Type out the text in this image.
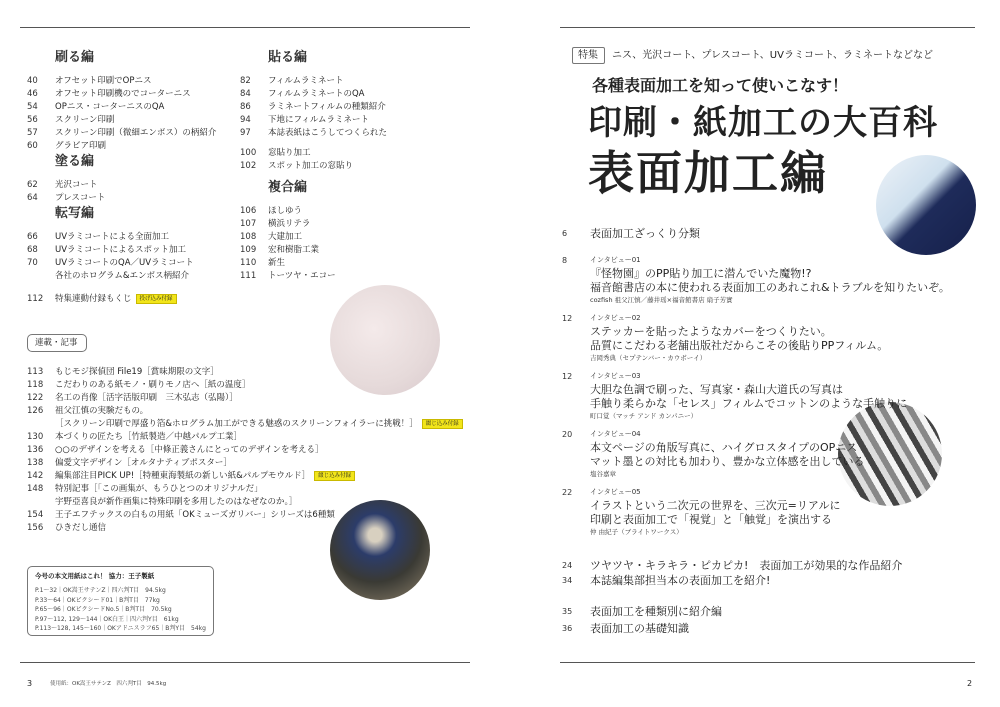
刷る編
40	オフセット印刷でOPニス
46	オフセット印刷機のでコーターニス
54	OPニス・コーターニスのQA
56	スクリーン印刷
57	スクリーン印刷（微細エンボス）の柄紹介
60	グラビア印刷
塗る編
62	光沢コート
64	プレスコート
転写編
66	UVラミコートによる全面加工
68	UVラミコートによるスポット加工
70	UVラミコートのQA／UVラミコート
各社のホログラム&エンボス柄紹介
貼る編
82	フィルムラミネート
84	フィルムラミネートのQA
86	ラミネートフィルムの種類紹介
94	下地にフィルムラミネート
97	本誌表紙はこうしてつくられた
100	窓貼り加工
102	スポット加工の窓貼り
複合編
106	ほしゆう
107	横浜リテラ
108	大建加工
109	宏和樹脂工業
110	新生
111	トーツヤ・エコー
112	特集連動付録もくじ 投げ込み付録
連載・記事
113	もじモジ探偵団 File19［賞味期限の文字］
118	こだわりのある紙モノ・刷りモノ店へ［紙の温度］
122	名工の肖像［活字活版印刷　三木弘志（弘陽）］
126	祖父江慎の実験だもの。
［スクリーン印刷で厚盛り箔&ホログラム加工ができる魅惑のスクリーンフォイラーに挑戦！］ 綴じ込み付録
130	本づくりの匠たち［竹紙製造／中越パルプ工業］
136	○○のデザインを考える［中條正義さんにとってのデザインを考える］
138	偏愛文字デザイン［オルタナティブポスター］
142	編集部注目PICK UP!［特種東海製紙の新しい紙&パルプモウルド］ 綴じ込み付録
148	特別記事［「この画集が、もうひとつのオリジナルだ」
宇野亞喜良が新作画集に特殊印刷を多用したのはなぜなのか。］
154	王子エフテックスの白もの用紙「OKミューズガリバー」シリーズは6種類
156	ひきだし通信
今号の本文用紙はこれ！ 協力：王子製紙
P.1〜32｜OK嵩王サテンZ｜四六判T目　94.5kg
P.33〜64｜OKピクシード01｜B判T目　77kg
P.65〜96｜OKピクシードNo.5｜B判T目　70.5kg
P.97〜112, 129〜144｜OK白王｜四六判Y目　61kg
P.113〜128, 145〜160｜OKアドニスラフ65｜B判Y目　54kg
3	使用紙：OK嵩王サテンZ　四六判T目　94.5kg
特集 ニス、光沢コート、プレスコート、UVラミコート、ラミネートなどなど
各種表面加工を知って使いこなす！
印刷・紙加工の大百科
表面加工編
6 表面加工ざっくり分類
8	インタビュー01
『怪物園』のPP貼り加工に潜んでいた魔物!?
福音館書店の本に使われる表面加工のあれこれ&トラブルを知りたいぞ。
cozfish 祖父江慎／藤井瑶×福音館書店 扇子芳實
12	インタビュー02
ステッカーを貼ったようなカバーをつくりたい。
品質にこだわる老舗出版社だからこその後貼りPPフィルム。
吉岡秀典（セプテンバー・カウボーイ）
12	インタビュー03
大胆な色調で刷った、写真家・森山大道氏の写真は
手触り柔らかな「セレス」フィルムでコットンのような手触りに
町口覚（マッチ アンド カンパニー）
20	インタビュー04
本文ページの角版写真に、ハイグロスタイプのOPニス
マット墨との対比も加わり、豊かな立体感を出している
塩谷嘉章
22	インタビュー05
イラストという二次元の世界を、三次元=リアルに
印刷と表面加工で「視覚」と「触覚」を演出する
仲 由紀子（ブライトワークス）
24 ツヤツヤ・キラキラ・ピカピカ!　表面加工が効果的な作品紹介
34 本誌編集部担当本の表面加工を紹介!
35 表面加工を種類別に紹介編
36 表面加工の基礎知識
2
